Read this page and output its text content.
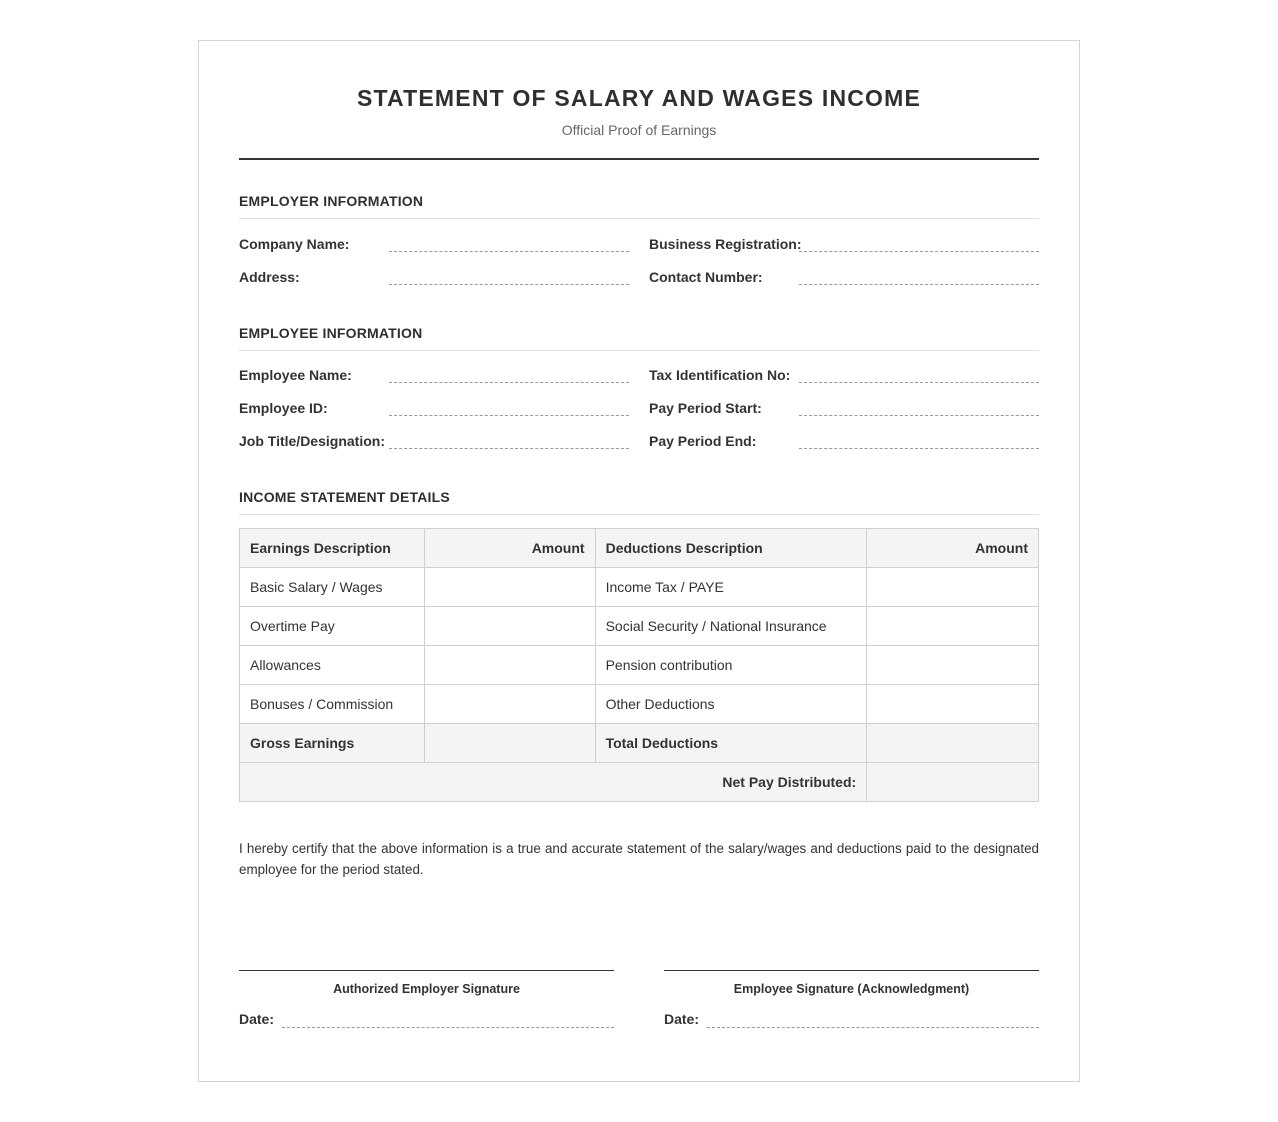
STATEMENT OF SALARY AND WAGES INCOME
Official Proof of Earnings
EMPLOYER INFORMATION
Company Name:	Business Registration:
Address:	Contact Number:
EMPLOYEE INFORMATION
Employee Name:	Tax Identification No:
Employee ID:	Pay Period Start:
Job Title/Designation:	Pay Period End:
INCOME STATEMENT DETAILS
Earnings Description	Amount	Deductions Description	Amount
Basic Salary / Wages		Income Tax / PAYE	
Overtime Pay		Social Security / National Insurance	
Allowances		Pension contribution	
Bonuses / Commission		Other Deductions	
Gross Earnings		Total Deductions	
Net Pay Distributed:			

I hereby certify that the above information is a true and accurate statement of the salary/wages and deductions paid to the designated employee for the period stated.

Authorized Employer Signature
Date:
Employee Signature (Acknowledgment)
Date:
